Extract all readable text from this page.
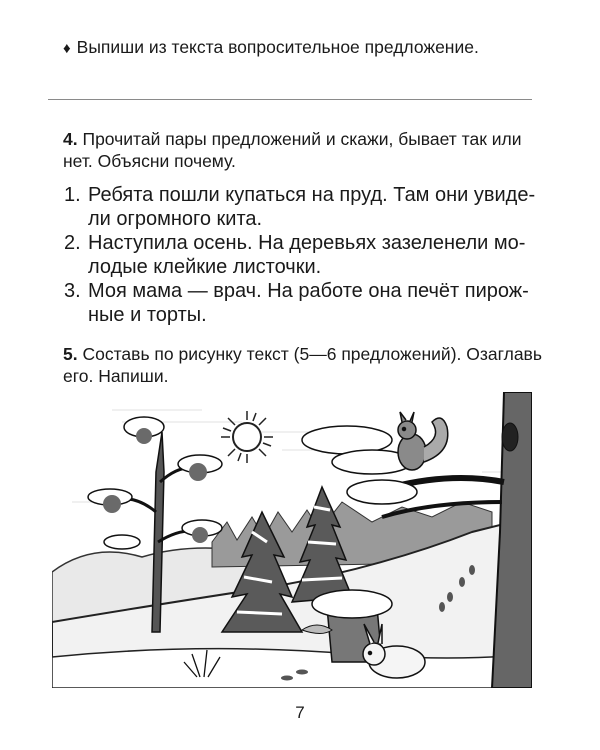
♦ Выпиши из текста вопросительное предложение.
4. Прочитай пары предложений и скажи, бывает так или
нет. Объясни почему.
1. Ребята пошли купаться на пруд. Там они увиде-
ли огромного кита.
2. Наступила осень. На деревьях зазеленели мо-
лодые клейкие листочки.
3. Моя мама — врач. На работе она печёт пирож-
ные и торты.
5. Составь по рисунку текст (5—6 предложений). Озаглавь
его. Напиши.
7
